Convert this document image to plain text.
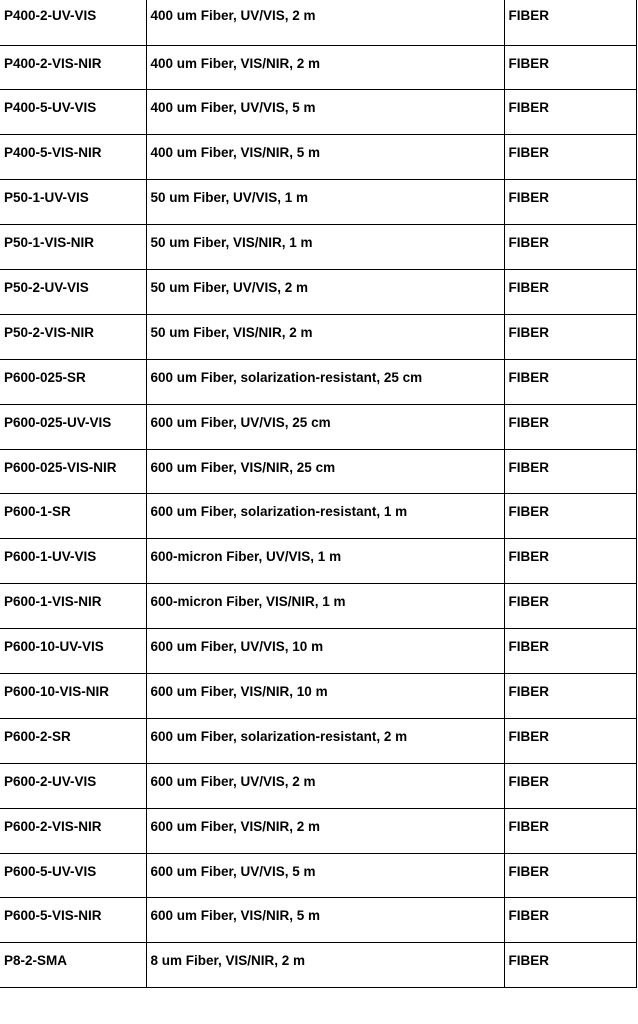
P400-2-UV-VIS	400 um Fiber, UV/VIS, 2 m	FIBER
P400-2-VIS-NIR	400 um Fiber, VIS/NIR, 2 m	FIBER
P400-5-UV-VIS	400 um Fiber, UV/VIS, 5 m	FIBER
P400-5-VIS-NIR	400 um Fiber, VIS/NIR, 5 m	FIBER
P50-1-UV-VIS	50 um Fiber, UV/VIS, 1 m	FIBER
P50-1-VIS-NIR	50 um Fiber, VIS/NIR, 1 m	FIBER
P50-2-UV-VIS	50 um Fiber, UV/VIS, 2 m	FIBER
P50-2-VIS-NIR	50 um Fiber, VIS/NIR, 2 m	FIBER
P600-025-SR	600 um Fiber, solarization-resistant, 25 cm	FIBER
P600-025-UV-VIS	600 um Fiber, UV/VIS, 25 cm	FIBER
P600-025-VIS-NIR	600 um Fiber, VIS/NIR, 25 cm	FIBER
P600-1-SR	600 um Fiber, solarization-resistant, 1 m	FIBER
P600-1-UV-VIS	600-micron Fiber, UV/VIS, 1 m	FIBER
P600-1-VIS-NIR	600-micron Fiber, VIS/NIR, 1 m	FIBER
P600-10-UV-VIS	600 um Fiber, UV/VIS, 10 m	FIBER
P600-10-VIS-NIR	600 um Fiber, VIS/NIR, 10 m	FIBER
P600-2-SR	600 um Fiber, solarization-resistant, 2 m	FIBER
P600-2-UV-VIS	600 um Fiber, UV/VIS, 2 m	FIBER
P600-2-VIS-NIR	600 um Fiber, VIS/NIR, 2 m	FIBER
P600-5-UV-VIS	600 um Fiber, UV/VIS, 5 m	FIBER
P600-5-VIS-NIR	600 um Fiber, VIS/NIR, 5 m	FIBER
P8-2-SMA	8 um Fiber, VIS/NIR, 2 m	FIBER
